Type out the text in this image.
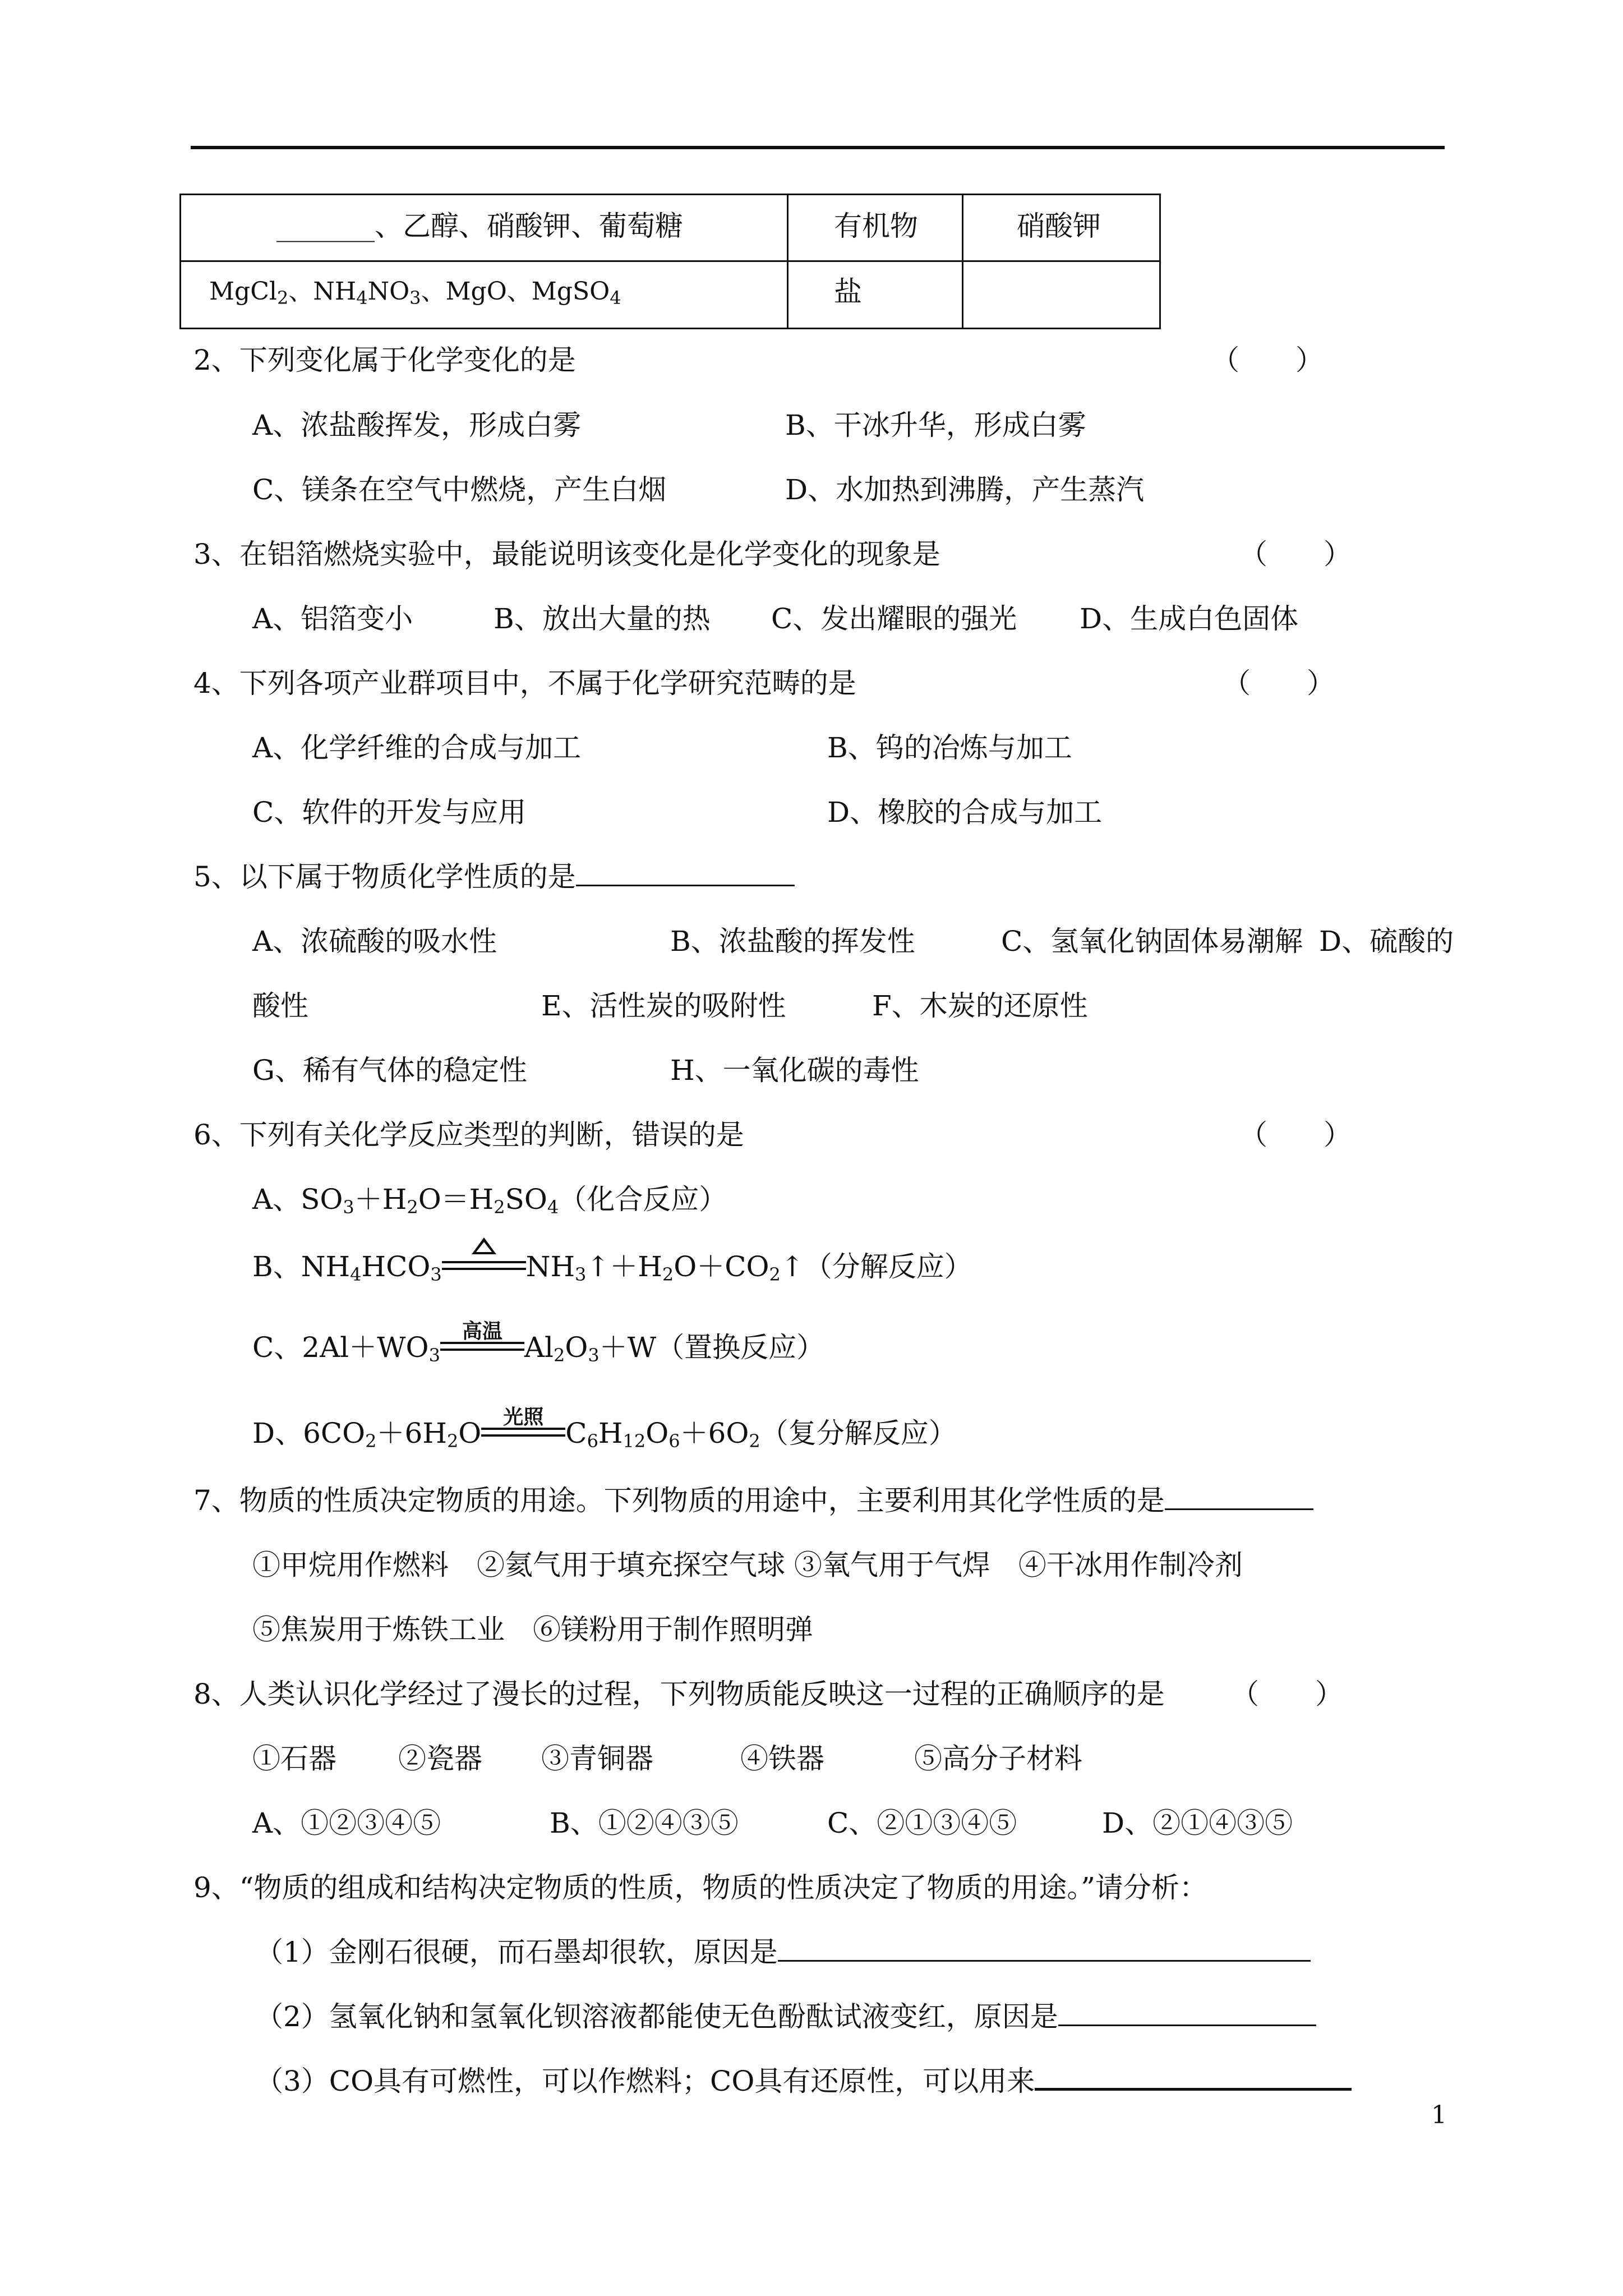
_______、乙醇、硝酸钾、葡萄糖	有机物	硝酸钾
MgCl$_2$、$NH_4NO_3$、MgO、MgSO$_4$	盐
2、下列变化属于化学变化的是	（　　）
A、浓盐酸挥发，形成白雾	B、干冰升华，形成白雾
C、镁条在空气中燃烧，产生白烟	D、水加热到沸腾，产生蒸汽
3、在铝箔燃烧实验中，最能说明该变化是化学变化的现象是	（　　）
A、铝箔变小	B、放出大量的热 C、发出耀眼的强光 D、生成白色固体
4、下列各项产业群项目中，不属于化学研究范畴的是	（　　）
A、化学纤维的合成与加工	B、钨的冶炼与加工
C、软件的开发与应用	D、橡胶的合成与加工
5、以下属于物质化学性质的是
A、浓硫酸的吸水性	B、浓盐酸的挥发性	C、氢氧化钠固体易潮解 D、硫酸的
酸性	E、活性炭的吸附性	F、木炭的还原性
G、稀有气体的稳定性	H、一氧化碳的毒性
6、下列有关化学反应类型的判断，错误的是	（　　）
A、$SO_3+H_2O=H_2SO_4$（化合反应）
B、$NH_4HCO_3$	$NH_3↑+H_2O+CO_2↑$（分解反应）
C、$2Al+WO_3$
高温 $Al_2O_3+W$（置换反应）
D、$6CO_2+6H_2O$	光照 $C_6H_{12}O_6+6O_2$（复分解反应）
7、物质的性质决定物质的用途。下列物质的用途中，主要利用其化学性质的是
①甲烷用作燃料　②氦气用于填充探空气球 ③氧气用于气焊　④干冰用作制冷剂
⑤焦炭用于炼铁工业　⑥镁粉用于制作照明弹
8、人类认识化学经过了漫长的过程，下列物质能反映这一过程的正确顺序的是 （　　）
①石器 ②瓷器 ③青铜器	④铁器	⑤高分子材料
A、①②③④⑤	B、①②④③⑤	C、②①③④⑤	D、②①④③⑤
9、“物质的组成和结构决定物质的性质，物质的性质决定了物质的用途。”请分析：
（1）金刚石很硬，而石墨却很软，原因是
（2）氢氧化钠和氢氧化钡溶液都能使无色酚酞试液变红，原因是
（3）CO具有可燃性，可以作燃料；CO具有还原性，可以用来
1
